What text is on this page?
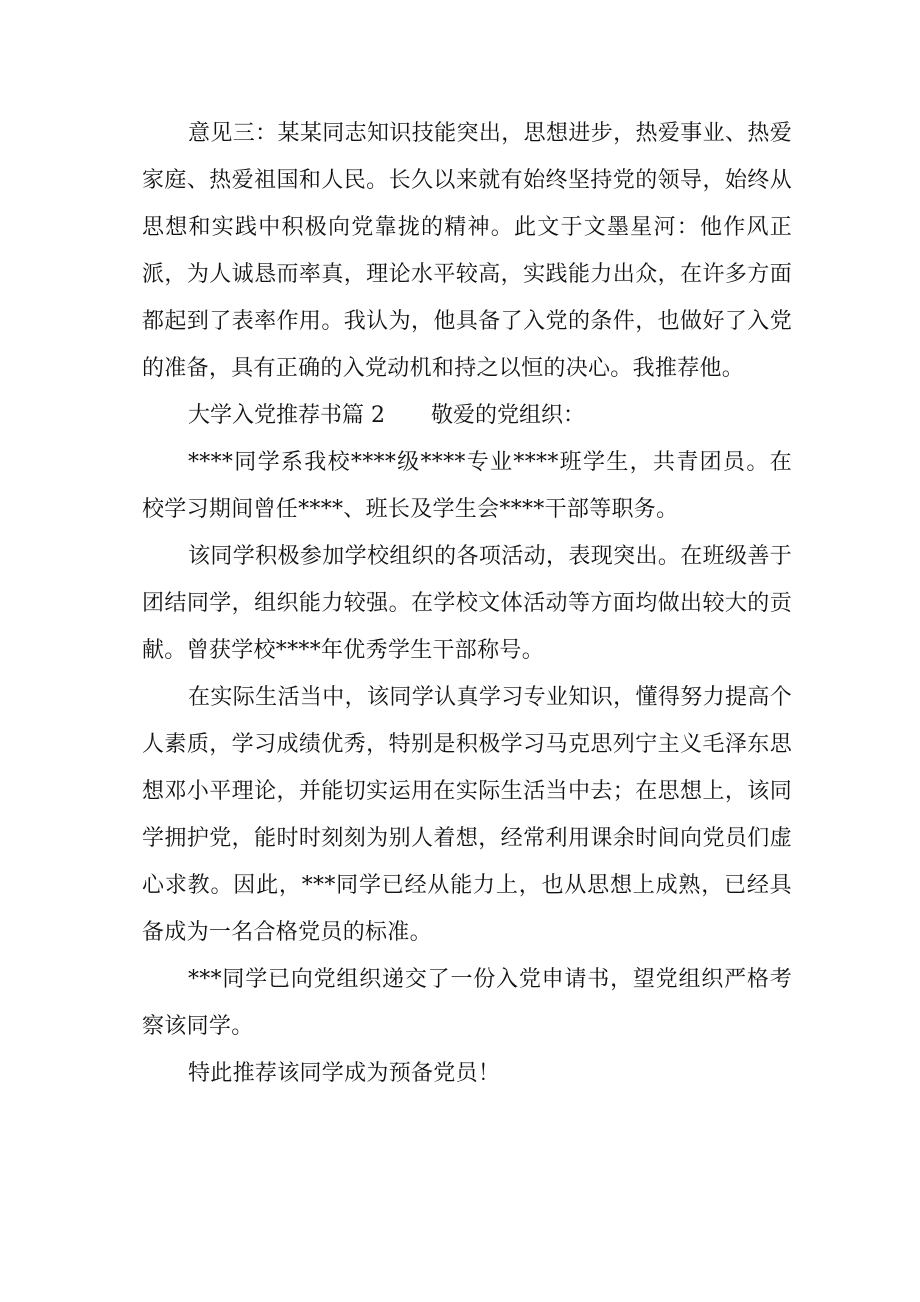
意见三：某某同志知识技能突出，思想进步，热爱事业、热爱家庭、热爱祖国和人民。长久以来就有始终坚持党的领导，始终从思想和实践中积极向党靠拢的精神。此文于文墨星河：他作风正派，为人诚恳而率真，理论水平较高，实践能力出众，在许多方面都起到了表率作用。我认为，他具备了入党的条件，也做好了入党的准备，具有正确的入党动机和持之以恒的决心。我推荐他。

大学入党推荐书篇 2 敬爱的党组织：

****同学系我校****级****专业****班学生，共青团员。在校学习期间曾任****、班长及学生会****干部等职务。

该同学积极参加学校组织的各项活动，表现突出。在班级善于团结同学，组织能力较强。在学校文体活动等方面均做出较大的贡献。曾获学校****年优秀学生干部称号。

在实际生活当中，该同学认真学习专业知识，懂得努力提高个人素质，学习成绩优秀，特别是积极学习马克思列宁主义毛泽东思想邓小平理论，并能切实运用在实际生活当中去；在思想上，该同学拥护党，能时时刻刻为别人着想，经常利用课余时间向党员们虚心求教。因此，***同学已经从能力上，也从思想上成熟，已经具备成为一名合格党员的标准。

***同学已向党组织递交了一份入党申请书，望党组织严格考察该同学。

特此推荐该同学成为预备党员！
